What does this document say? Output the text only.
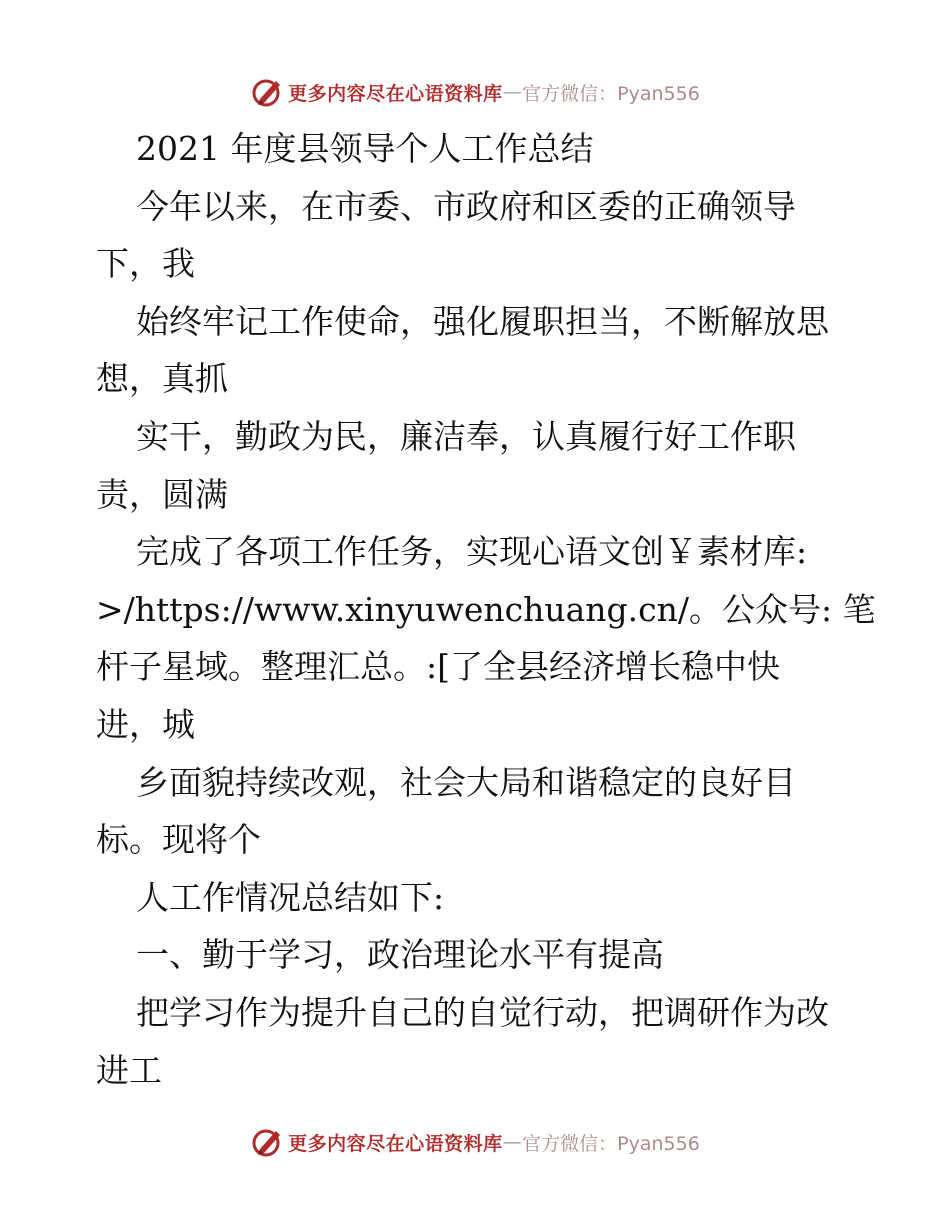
更多内容尽在心语资料库 — 官方微信：Pyan556
2021 年度县领导个人工作总结
今年以来，在市委、市政府和区委的正确领导
下，我
始终牢记工作使命，强化履职担当，不断解放思
想，真抓
实干，勤政为民，廉洁奉，认真履行好工作职
责，圆满
完成了各项工作任务，实现心语文创￥素材库:
>/https://www.xinyuwenchuang.cn/。公众号: 笔
杆子星域。整理汇总。:[了全县经济增长稳中快
进，城
乡面貌持续改观，社会大局和谐稳定的良好目
标。现将个
人工作情况总结如下:
一、勤于学习，政治理论水平有提高
把学习作为提升自己的自觉行动，把调研作为改
进工
更多内容尽在心语资料库 — 官方微信：Pyan556
